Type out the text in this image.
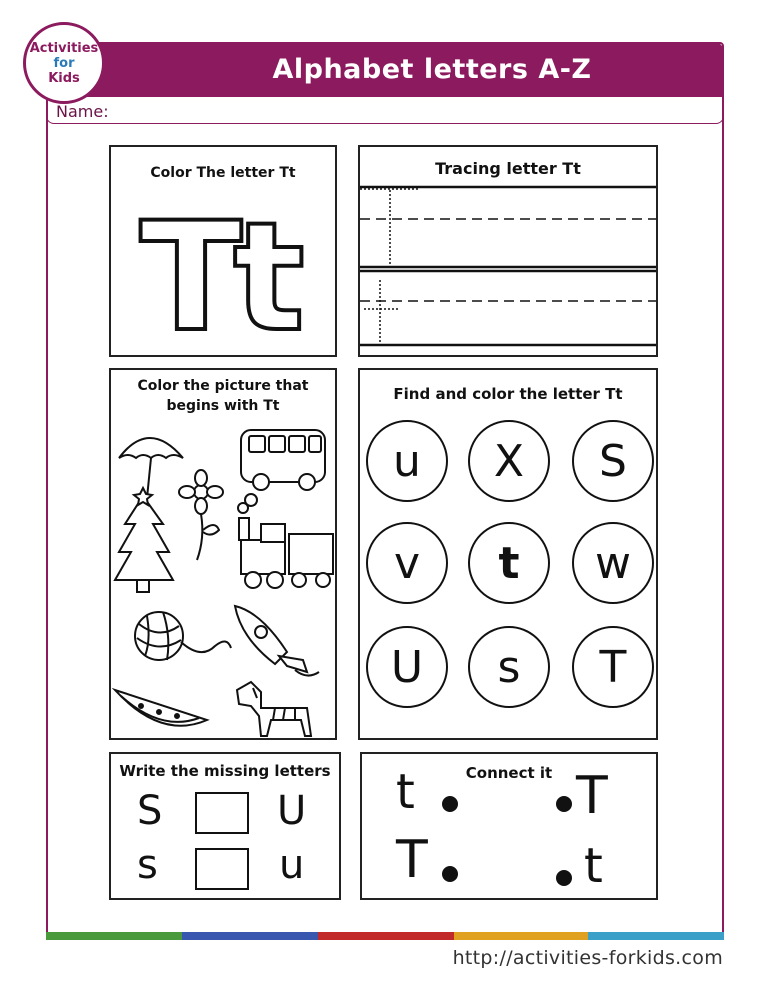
Alphabet letters A-Z
Activities
for
Kids
Name:
Color The letter Tt
T
t
Tracing letter Tt
Color the picture that
begins with Tt
Find and color the letter Tt
u	X	S
v	t	w
U	s	T
Write the missing letters
S	U
s	u
Connect it
t	T
T	t
http://activities-forkids.com
